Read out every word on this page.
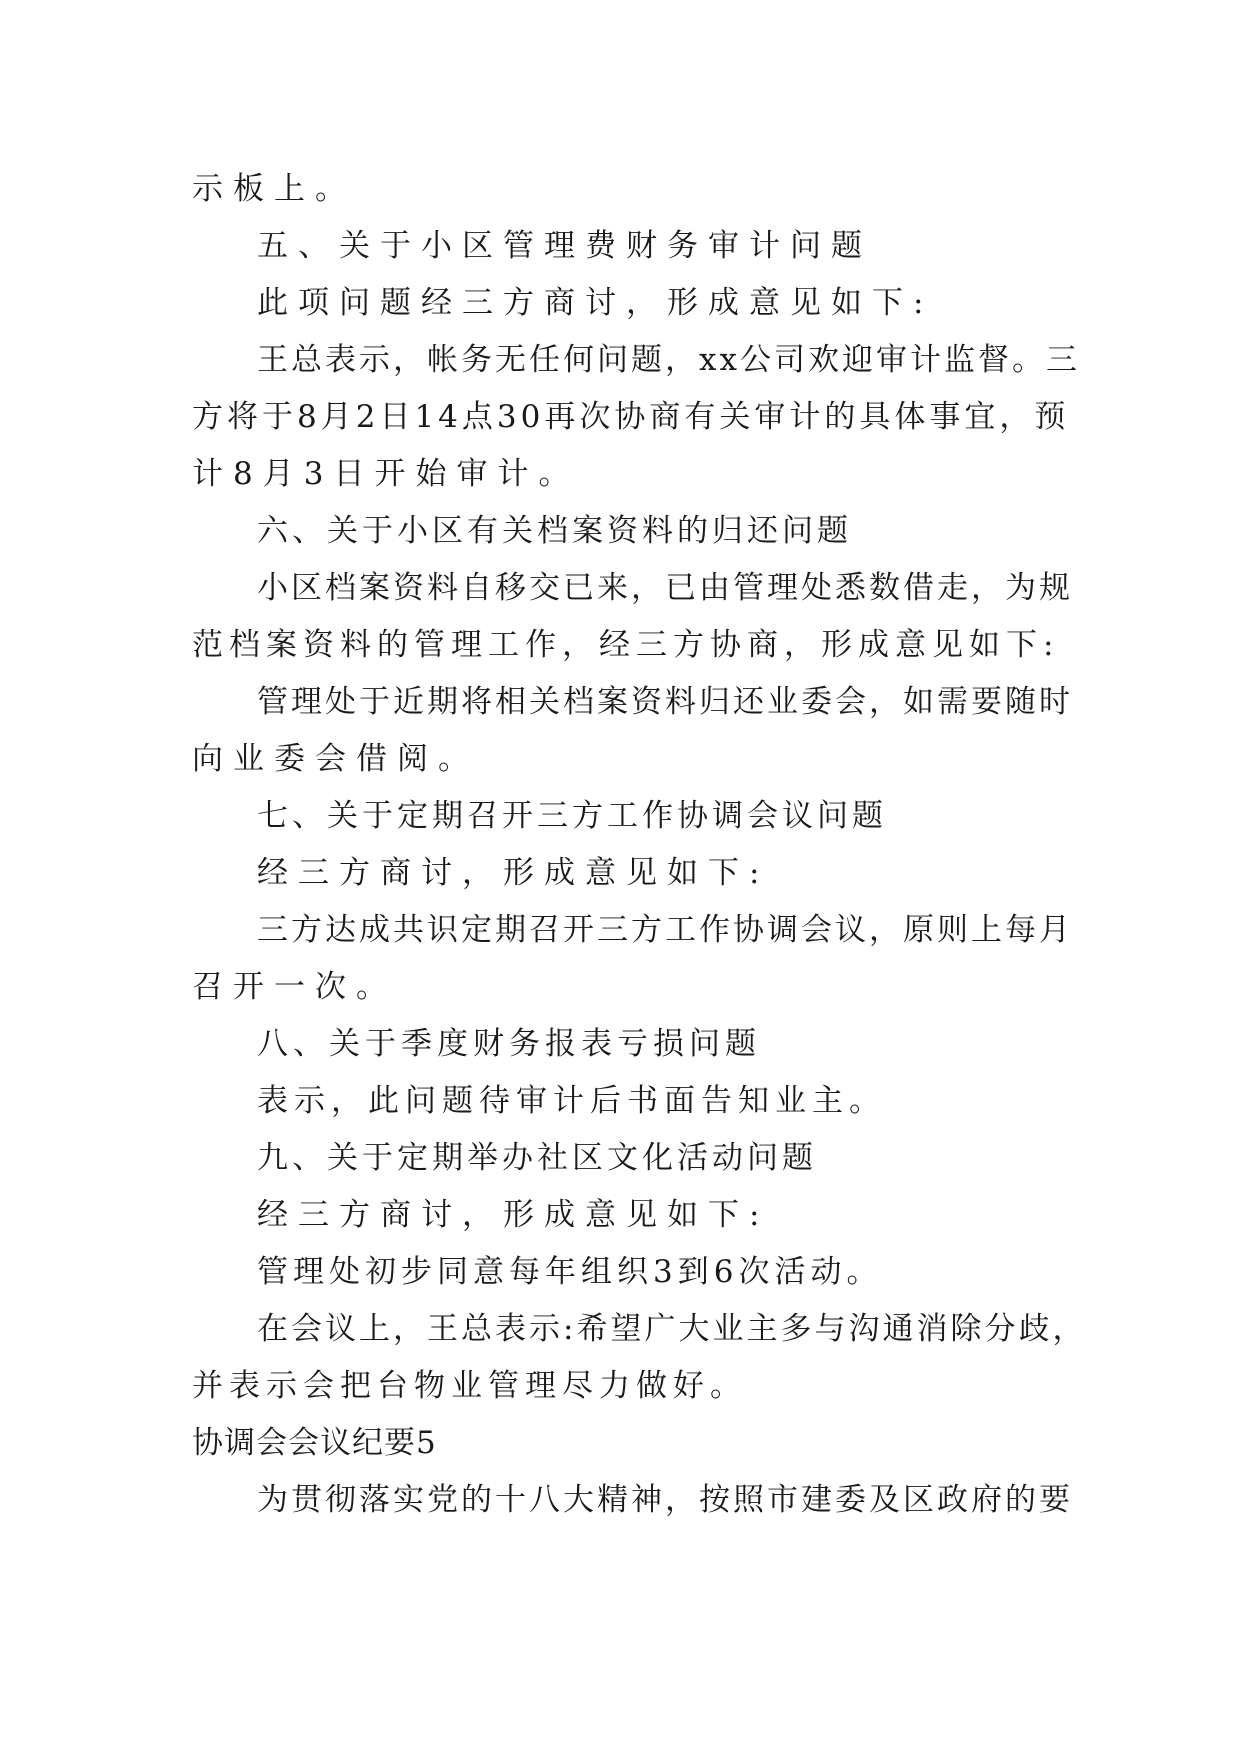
示板上。
五、关于小区管理费财务审计问题
此项问题经三方商讨，形成意见如下:
王总表示，帐务无任何问题，xx公司欢迎审计监督。三
方将于8月2日14点30再次协商有关审计的具体事宜，预
计8月3日开始审计。
六、关于小区有关档案资料的归还问题
小区档案资料自移交已来，已由管理处悉数借走，为规
范档案资料的管理工作，经三方协商，形成意见如下:
管理处于近期将相关档案资料归还业委会，如需要随时
向业委会借阅。
七、关于定期召开三方工作协调会议问题
经三方商讨，形成意见如下:
三方达成共识定期召开三方工作协调会议，原则上每月
召开一次。
八、关于季度财务报表亏损问题
表示，此问题待审计后书面告知业主。
九、关于定期举办社区文化活动问题
经三方商讨，形成意见如下:
管理处初步同意每年组织3到6次活动。
在会议上，王总表示:希望广大业主多与沟通消除分歧，
并表示会把台物业管理尽力做好。
协调会会议纪要5
为贯彻落实党的十八大精神，按照市建委及区政府的要
